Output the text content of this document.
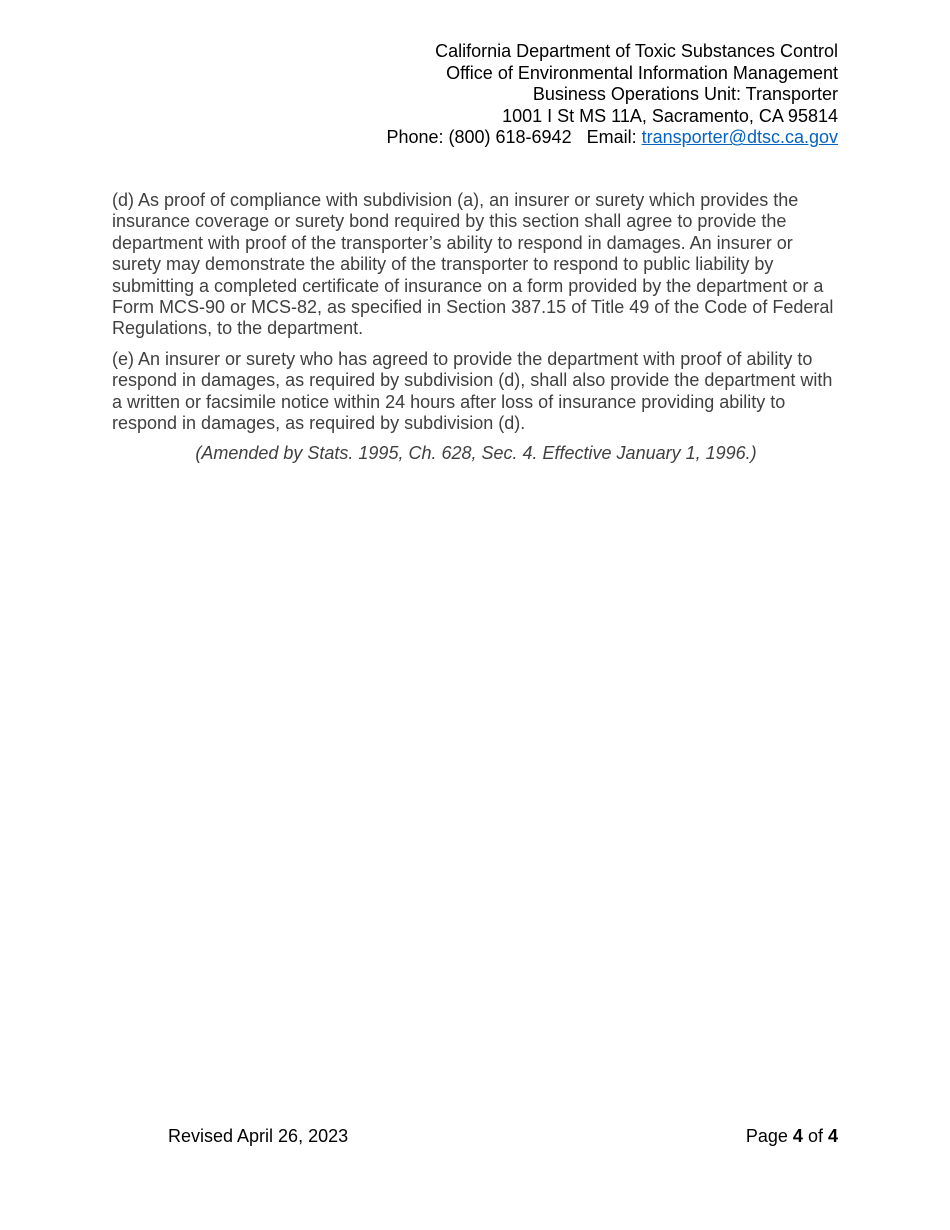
California Department of Toxic Substances Control
Office of Environmental Information Management
Business Operations Unit: Transporter
1001 I St MS 11A, Sacramento, CA 95814
Phone: (800) 618-6942 Email: transporter@dtsc.ca.gov

(d) As proof of compliance with subdivision (a), an insurer or surety which provides the insurance coverage or surety bond required by this section shall agree to provide the department with proof of the transporter’s ability to respond in damages. An insurer or surety may demonstrate the ability of the transporter to respond to public liability by submitting a completed certificate of insurance on a form provided by the department or a Form MCS-90 or MCS-82, as specified in Section 387.15 of Title 49 of the Code of Federal Regulations, to the department.

(e) An insurer or surety who has agreed to provide the department with proof of ability to respond in damages, as required by subdivision (d), shall also provide the department with a written or facsimile notice within 24 hours after loss of insurance providing ability to respond in damages, as required by subdivision (d).

(Amended by Stats. 1995, Ch. 628, Sec. 4. Effective January 1, 1996.)

Revised April 26, 2023	Page 4 of 4
